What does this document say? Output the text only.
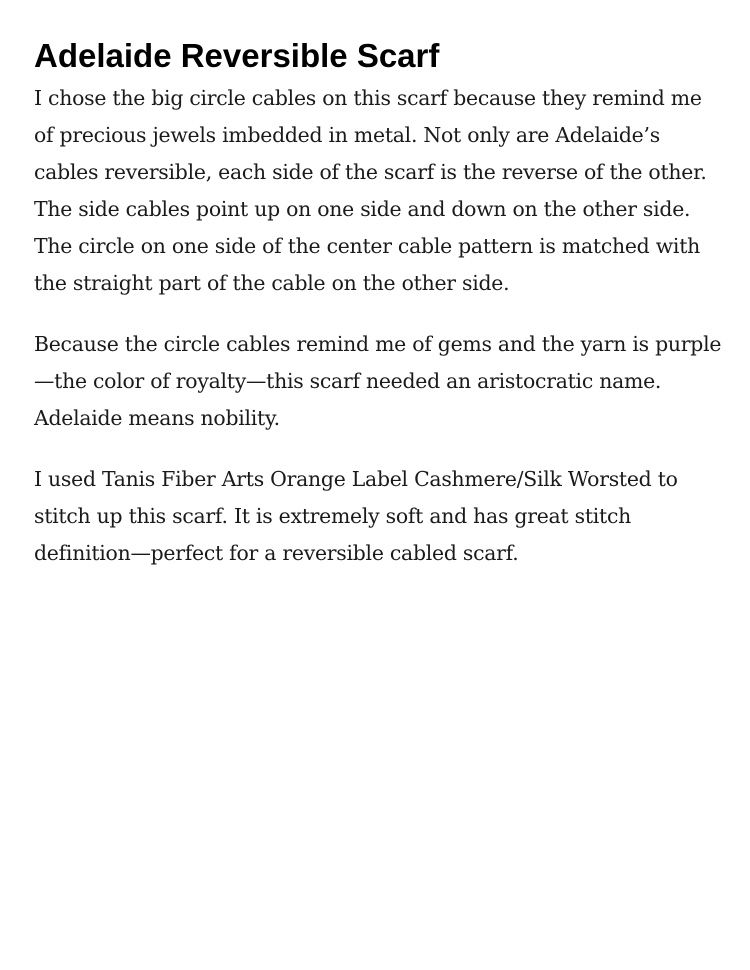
Adelaide Reversible Scarf

I chose the big circle cables on this scarf because they remind me of precious jewels imbedded in metal. Not only are Adelaide’s cables reversible, each side of the scarf is the reverse of the other. The side cables point up on one side and down on the other side. The circle on one side of the center cable pattern is matched with the straight part of the cable on the other side.

Because the circle cables remind me of gems and the yarn is purple—the color of royalty—this scarf needed an aristocratic name. Adelaide means nobility.

I used Tanis Fiber Arts Orange Label Cashmere/Silk Worsted to stitch up this scarf. It is extremely soft and has great stitch definition—perfect for a reversible cabled scarf.
